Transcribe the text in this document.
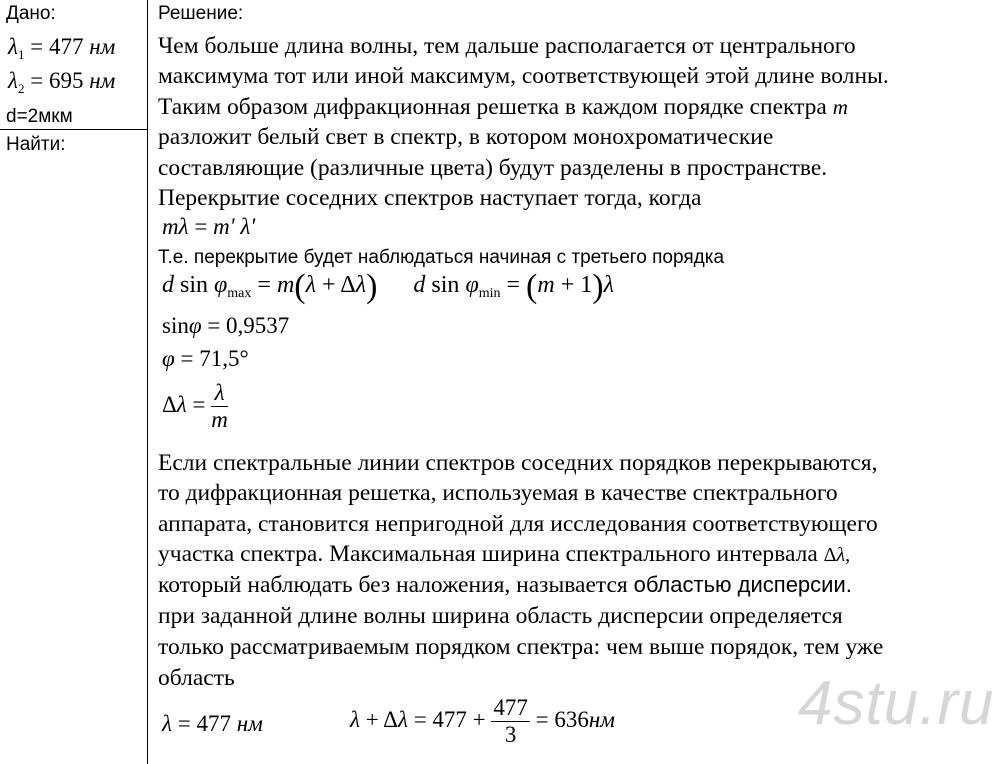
Дано:
$\lambda_1 = 477$ нм
$\lambda_2 = 695$ нм
d=2мкм
Найти:
Решение:
Чем больше длина волны, тем дальше располагается от центрального
максимума тот или иной максимум, соответствующей этой длине волны.
Таким образом дифракционная решетка в каждом порядке спектра m
разложит белый свет в спектр, в котором монохроматические
составляющие (различные цвета) будут разделены в пространстве.
Перекрытие соседних спектров наступает тогда, когда
mλ = m' λ'
Т.е. перекрытие будет наблюдаться начиная с третьего порядка
d $\sin \varphi_{max} = m(\lambda + \Delta\lambda)$      d $\sin \varphi_{min} = (m + 1)\lambda$
sinφ = 0,9537
φ = 71,5°
$\Delta\lambda = \frac{\lambda}{m}$
Если спектральные линии спектров соседних порядков перекрываются,
то дифракционная решетка, используемая в качестве спектрального
аппарата, становится непригодной для исследования соответствующего
участка спектра. Максимальная ширина спектрального интервала Δλ,
который наблюдать без наложения, называется областью дисперсии.
при заданной длине волны ширина область дисперсии определяется
только рассматриваемым порядком спектра: чем выше порядок, тем уже
область
λ = 477 нм	$\lambda + \Delta\lambda = 477 + \frac{477}{3} = 636нм$	4stu.ru
